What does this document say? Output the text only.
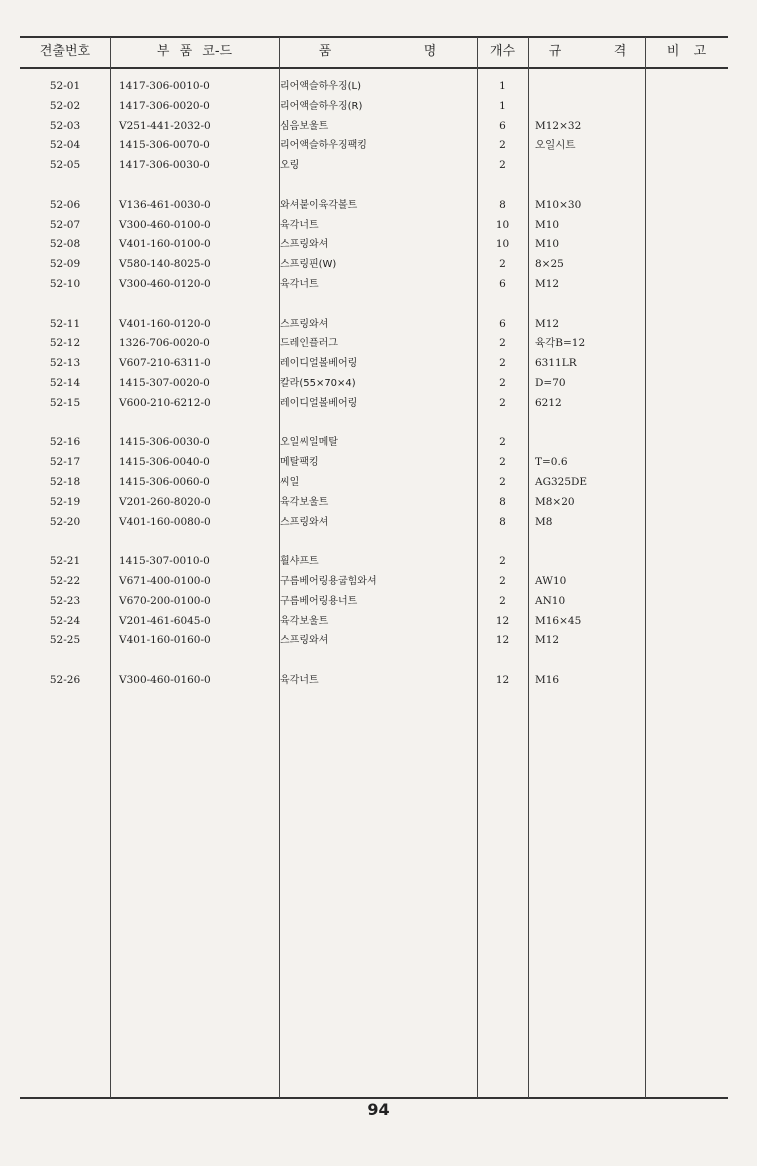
견출번호	부 품 코-드	품	명	개수	규	격	비 고
52-01	1417-306-0010-0	리어액슬하우징(L)	1
52-02	1417-306-0020-0	리어액슬하우징(R)	1
52-03	V251-441-2032-0	심음보울트	6	M12×32
52-04	1415-306-0070-0	리어액슬하우징팩킹	2	오일시트
52-05	1417-306-0030-0	오링	2
52-06	V136-461-0030-0	와셔붙이육각볼트	8	M10×30
52-07	V300-460-0100-0	육각너트	10	M10
52-08	V401-160-0100-0	스프링와셔	10	M10
52-09	V580-140-8025-0	스프링핀(W)	2	8×25
52-10	V300-460-0120-0	육각너트	6	M12
52-11	V401-160-0120-0	스프링와셔	6	M12
52-12	1326-706-0020-0	드레인플러그	2	육각B=12
52-13	V607-210-6311-0	레이디얼볼베어링	2	6311LR
52-14	1415-307-0020-0	칼라(55×70×4)	2	D=70
52-15	V600-210-6212-0	레이디얼볼베어링	2	6212
52-16	1415-306-0030-0	오일씨일메탈	2
52-17	1415-306-0040-0	메탈팩킹	2	T=0.6
52-18	1415-306-0060-0	씨일	2	AG325DE
52-19	V201-260-8020-0	육각보울트	8	M8×20
52-20	V401-160-0080-0	스프링와셔	8	M8
52-21	1415-307-0010-0	휠샤프트	2
52-22	V671-400-0100-0	구름베어링용굽힘와셔	2	AW10
52-23	V670-200-0100-0	구름베어링용너트	2	AN10
52-24	V201-461-6045-0	육각보울트	12	M16×45
52-25	V401-160-0160-0	스프링와셔	12	M12
52-26	V300-460-0160-0	육각너트	12	M16
94
